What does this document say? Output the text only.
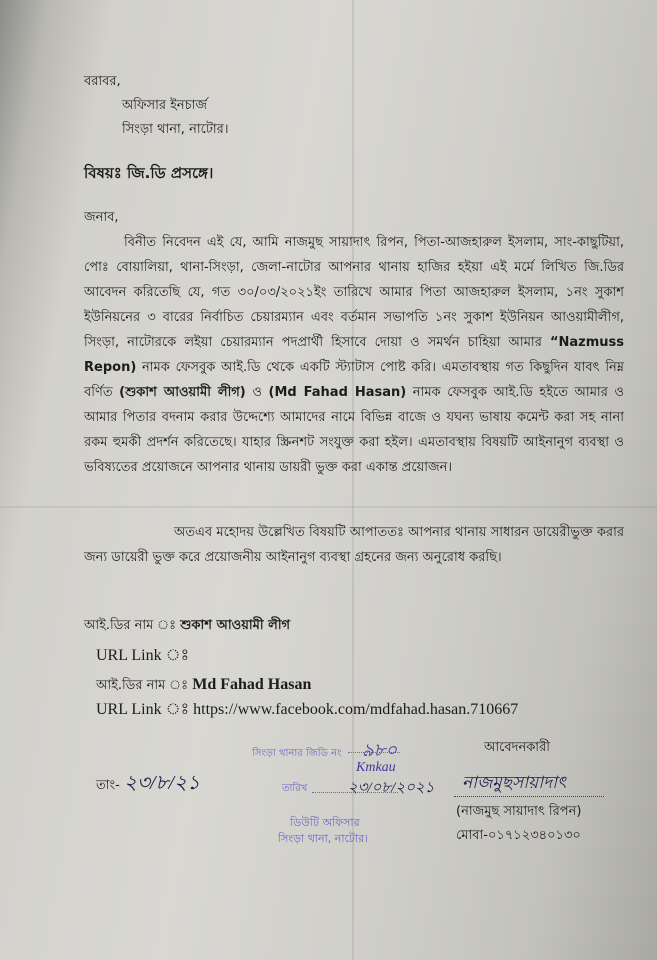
বরাবর,
অফিসার ইনচার্জ
সিংড়া থানা, নাটোর।
বিষয়ঃ জি.ডি প্রসঙ্গে।
জনাব,
বিনীত নিবেদন এই যে, আমি নাজমুছ সায়াদাৎ রিপন, পিতা-আজহারুল ইসলাম, সাং-কাছুটিয়া, পোঃ বোয়ালিয়া, থানা-সিংড়া, জেলা-নাটোর আপনার থানায় হাজির হইয়া এই মর্মে লিখিত জি.ডির আবেদন করিতেছি যে, গত ৩০/০৩/২০২১ইং তারিখে আমার পিতা আজহারুল ইসলাম, ১নং সুকাশ ইউনিয়নের ৩ বারের নির্বাচিত চেয়ারম্যান এবং বর্তমান সভাপতি ১নং সুকাশ ইউনিয়ন আওয়ামীলীগ, সিংড়া, নাটোরকে লইয়া চেয়ারম্যান পদপ্রার্থী হিসাবে দোয়া ও সমর্থন চাহিয়া আমার “Nazmuss Repon) নামক ফেসবুক আই.ডি থেকে একটি স্ট্যাটাস পোষ্ট করি। এমতাবস্থায় গত কিছুদিন যাবৎ নিম্ন বর্ণিত (শুকাশ আওয়ামী লীগ) ও (Md Fahad Hasan) নামক ফেসবুক আই.ডি হইতে আমার ও আমার পিতার বদনাম করার উদ্দেশ্যে আমাদের নামে বিভিন্ন বাজে ও যঘন্য ভাষায় কমেন্ট করা সহ নানা রকম হুমকী প্রদর্শন করিতেছে। যাহার স্ক্রিনশট সংযুক্ত করা হইল। এমতাবস্থায় বিষয়টি আইনানুগ ব্যবস্থা ও ভবিষ্যতের প্রয়োজনে আপনার থানায় ডায়রী ভুক্ত করা একান্ত প্রয়োজন।
অতএব মহোদয় উল্লেখিত বিষয়টি আপাততঃ আপনার থানায় সাধারন ডায়েরীভুক্ত করার জন্য ডায়েরী ভুক্ত করে প্রয়োজনীয় আইনানুগ ব্যবস্থা গ্রহনের জন্য অনুরোধ করছি।
আই.ডির নাম ঃ শুকাশ আওয়ামী লীগ
URL Link ঃ
আই.ডির নাম ঃ Md Fahad Hasan
URL Link ঃ https://www.facebook.com/mdfahad.hasan.710667
তাং- ২৩/৮/২১
সিংড়া থানার জিডি নং ৯৮০
তারিখ
Kmkau
২৩/০৮/২০২১
ডিউটি অফিসার
সিংড়া থানা, নাটোর।
আবেদনকারী
নাজমুছসায়াদাৎ
(নাজমুছ সায়াদাৎ রিপন)
মোবা-০১৭১২৩৪০১৩০
